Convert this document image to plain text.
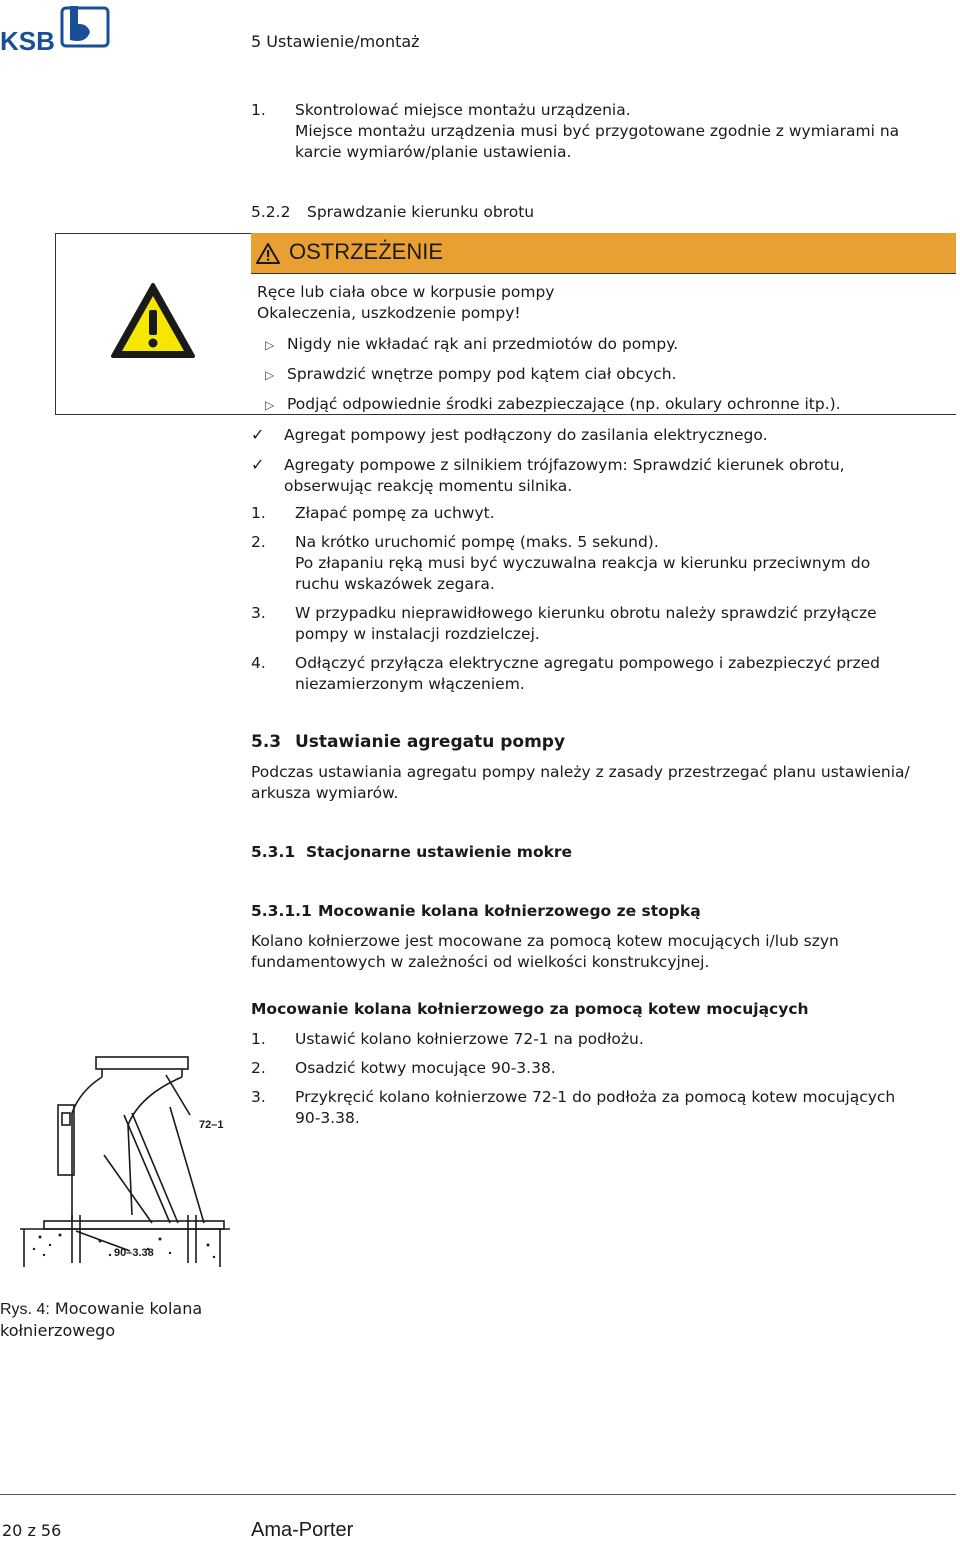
KSB	5 Ustawienie/montaż
1. Skontrolować miejsce montażu urządzenia.
Miejsce montażu urządzenia musi być przygotowane zgodnie z wymiarami na
karcie wymiarów/planie ustawienia.
5.2.2 Sprawdzanie kierunku obrotu
OSTRZEŻENIE
Ręce lub ciała obce w korpusie pompy
Okaleczenia, uszkodzenie pompy!
▷ Nigdy nie wkładać rąk ani przedmiotów do pompy.
▷ Sprawdzić wnętrze pompy pod kątem ciał obcych.
▷ Podjąć odpowiednie środki zabezpieczające (np. okulary ochronne itp.).
✓ Agregat pompowy jest podłączony do zasilania elektrycznego.
✓ Agregaty pompowe z silnikiem trójfazowym: Sprawdzić kierunek obrotu,
obserwując reakcję momentu silnika.
1. Złapać pompę za uchwyt.
2. Na krótko uruchomić pompę (maks. 5 sekund).
Po złapaniu ręką musi być wyczuwalna reakcja w kierunku przeciwnym do
ruchu wskazówek zegara.
3. W przypadku nieprawidłowego kierunku obrotu należy sprawdzić przyłącze
pompy w instalacji rozdzielczej.
4. Odłączyć przyłącza elektryczne agregatu pompowego i zabezpieczyć przed
niezamierzonym włączeniem.
5.3 Ustawianie agregatu pompy
Podczas ustawiania agregatu pompy należy z zasady przestrzegać planu ustawienia/
arkusza wymiarów.
5.3.1 Stacjonarne ustawienie mokre
5.3.1.1 Mocowanie kolana kołnierzowego ze stopką
Kolano kołnierzowe jest mocowane za pomocą kotew mocujących i/lub szyn
fundamentowych w zależności od wielkości konstrukcyjnej.
Mocowanie kolana kołnierzowego za pomocą kotew mocujących
1. Ustawić kolano kołnierzowe 72-1 na podłożu.
2. Osadzić kotwy mocujące 90-3.38.
3. Przykręcić kolano kołnierzowe 72-1 do podłoża za pomocą kotew mocujących
90-3.38.
72–1
90–3.38
Rys. 4: Mocowanie kolana
kołnierzowego
20 z 56	Ama-Porter
